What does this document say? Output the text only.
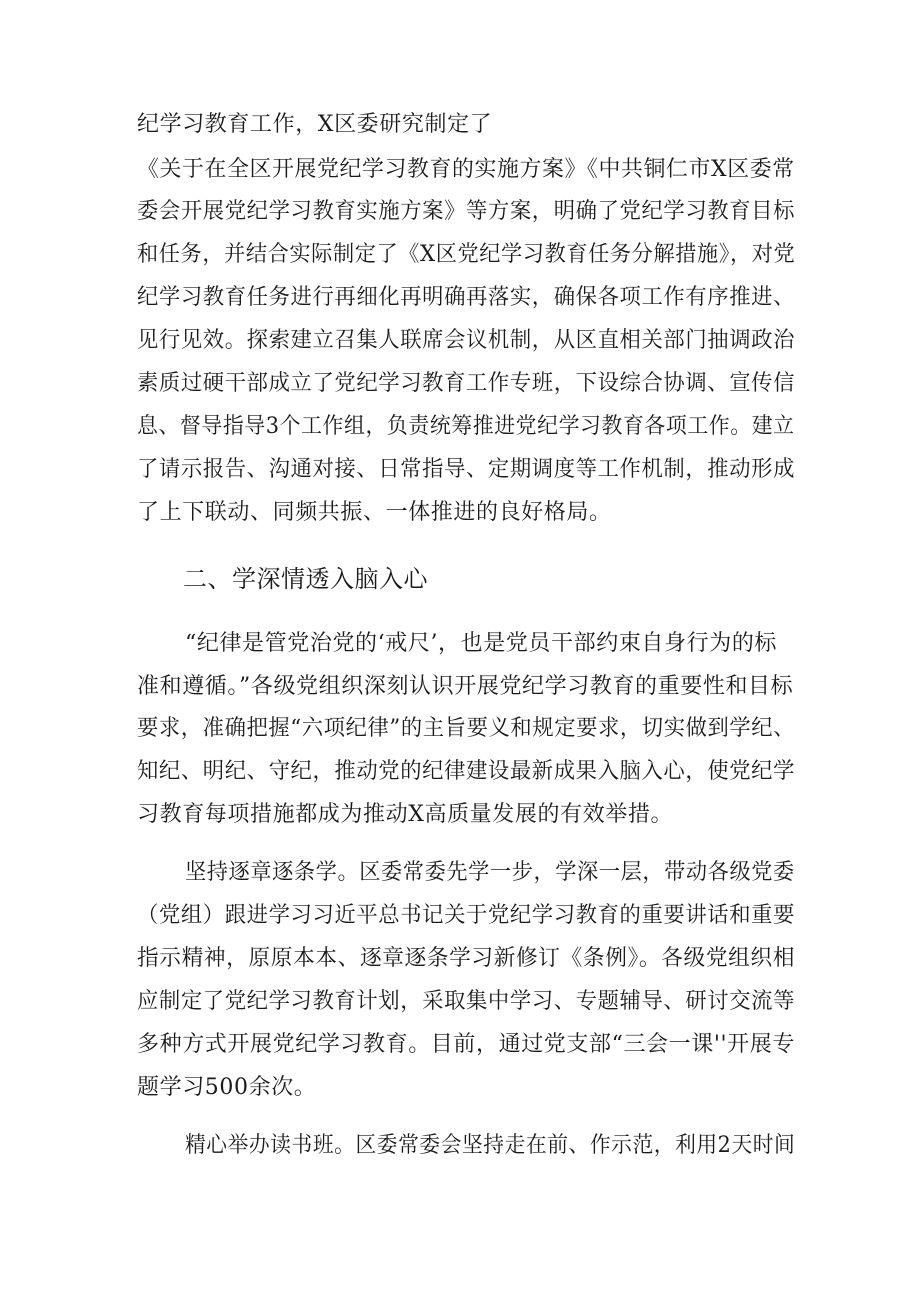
纪学习教育工作，X区委研究制定了
《关于在全区开展党纪学习教育的实施方案》《中共铜仁市X区委常
委会开展党纪学习教育实施方案》等方案，明确了党纪学习教育目标
和任务，并结合实际制定了《X区党纪学习教育任务分解措施》，对党
纪学习教育任务进行再细化再明确再落实，确保各项工作有序推进、
见行见效。探索建立召集人联席会议机制，从区直相关部门抽调政治
素质过硬干部成立了党纪学习教育工作专班，下设综合协调、宣传信
息、督导指导3个工作组，负责统筹推进党纪学习教育各项工作。建立
了请示报告、沟通对接、日常指导、定期调度等工作机制，推动形成
了上下联动、同频共振、一体推进的良好格局。
二、学深情透入脑入心
“纪律是管党治党的‘戒尺’，也是党员干部约束自身行为的标
准和遵循。”各级党组织深刻认识开展党纪学习教育的重要性和目标
要求，准确把握“六项纪律”的主旨要义和规定要求，切实做到学纪、
知纪、明纪、守纪，推动党的纪律建设最新成果入脑入心，使党纪学
习教育每项措施都成为推动X高质量发展的有效举措。
坚持逐章逐条学。区委常委先学一步，学深一层，带动各级党委
（党组）跟进学习习近平总书记关于党纪学习教育的重要讲话和重要
指示精神，原原本本、逐章逐条学习新修订《条例》。各级党组织相
应制定了党纪学习教育计划，采取集中学习、专题辅导、研讨交流等
多种方式开展党纪学习教育。目前，通过党支部“三会一课''开展专
题学习500余次。
精心举办读书班。区委常委会坚持走在前、作示范，利用2天时间
